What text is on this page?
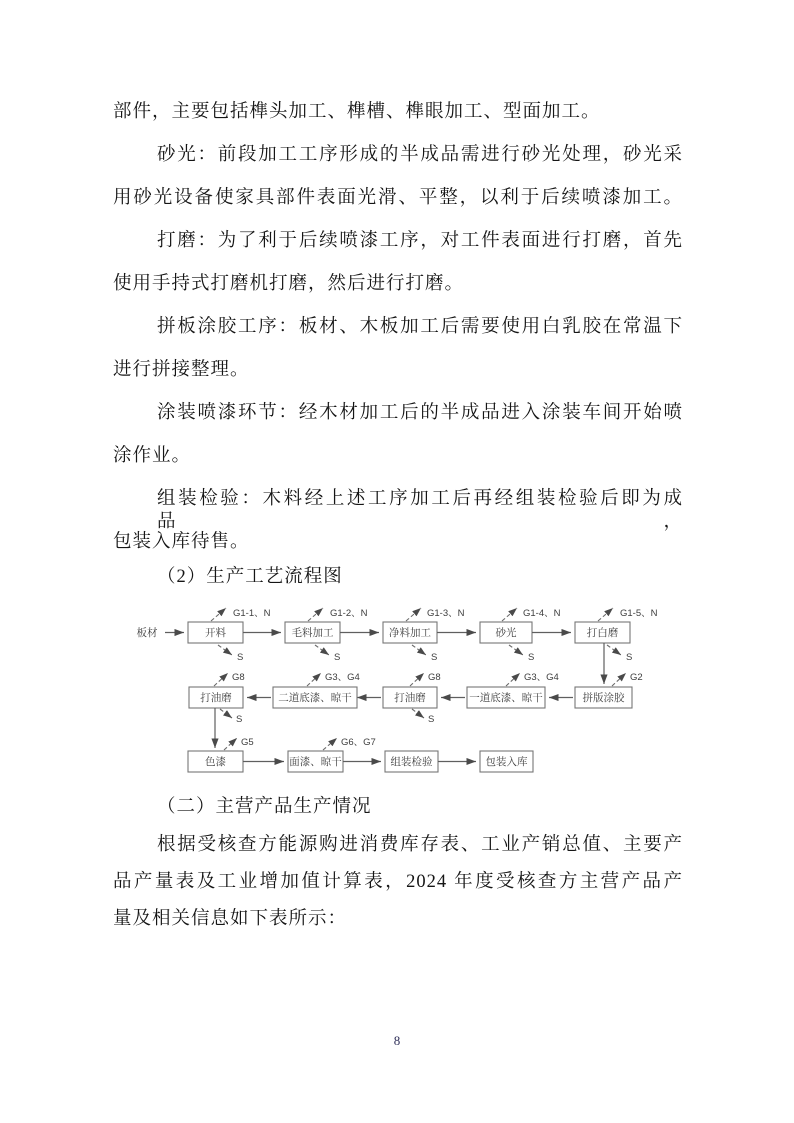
部件，主要包括榫头加工、榫槽、榫眼加工、型面加工。
砂光：前段加工工序形成的半成品需进行砂光处理，砂光采
用砂光设备使家具部件表面光滑、平整，以利于后续喷漆加工。
打磨：为了利于后续喷漆工序，对工件表面进行打磨，首先
使用手持式打磨机打磨，然后进行打磨。
拼板涂胶工序：板材、木板加工后需要使用白乳胶在常温下
进行拼接整理。
涂装喷漆环节：经木材加工后的半成品进入涂装车间开始喷
涂作业。
组装检验：木料经上述工序加工后再经组装检验后即为成品，
包装入库待售。
（2）生产工艺流程图
板材	开料
G1-1、N
S
毛料加工
G1-2、N
S
净料加工
G1-3、N
S
砂光
G1-4、N
S
打白磨
G1-5、N
S
拼版涂胶
G2
一道底漆、晾干
G3、G4
打油磨
G8
S
二道底漆、晾干
G3、G4
打油磨
G8
S
色漆
G5
面漆、晾干
G6、G7
组装检验	包装入库
（二）主营产品生产情况
根据受核查方能源购进消费库存表、工业产销总值、主要产
品产量表及工业增加值计算表，2024 年度受核查方主营产品产
量及相关信息如下表所示：
8
